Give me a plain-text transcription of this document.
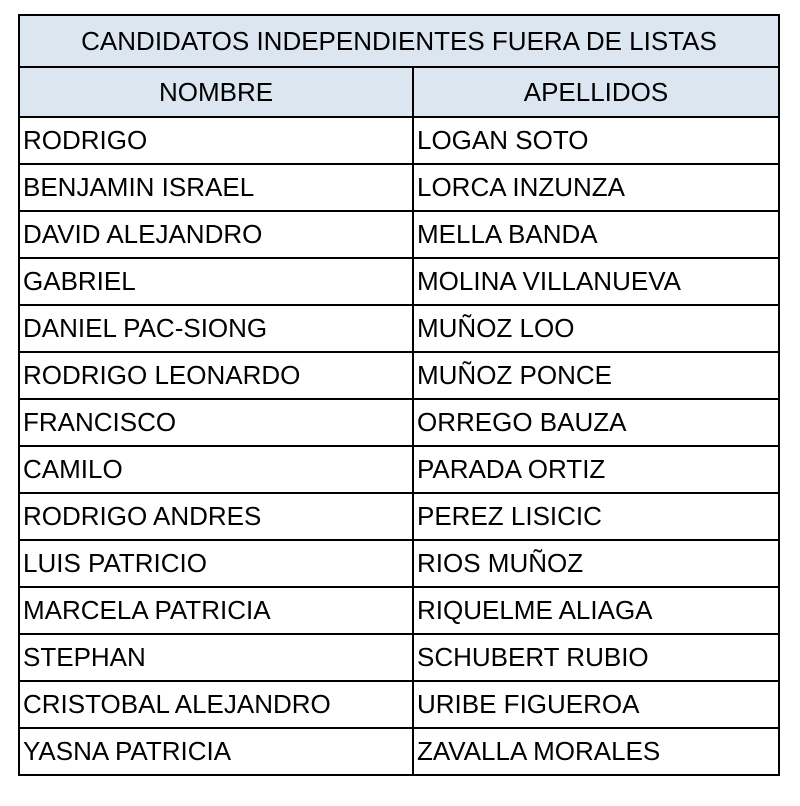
CANDIDATOS INDEPENDIENTES FUERA DE LISTAS	
NOMBRE	APELLIDOS
RODRIGO	LOGAN SOTO
BENJAMIN ISRAEL	LORCA INZUNZA
DAVID ALEJANDRO	MELLA BANDA
GABRIEL	MOLINA VILLANUEVA
DANIEL PAC-SIONG	MUÑOZ LOO
RODRIGO LEONARDO	MUÑOZ PONCE
FRANCISCO	ORREGO BAUZA
CAMILO	PARADA ORTIZ
RODRIGO ANDRES	PEREZ LISICIC
LUIS PATRICIO	RIOS MUÑOZ
MARCELA PATRICIA	RIQUELME ALIAGA
STEPHAN	SCHUBERT RUBIO
CRISTOBAL ALEJANDRO	URIBE FIGUEROA
YASNA PATRICIA	ZAVALLA MORALES
